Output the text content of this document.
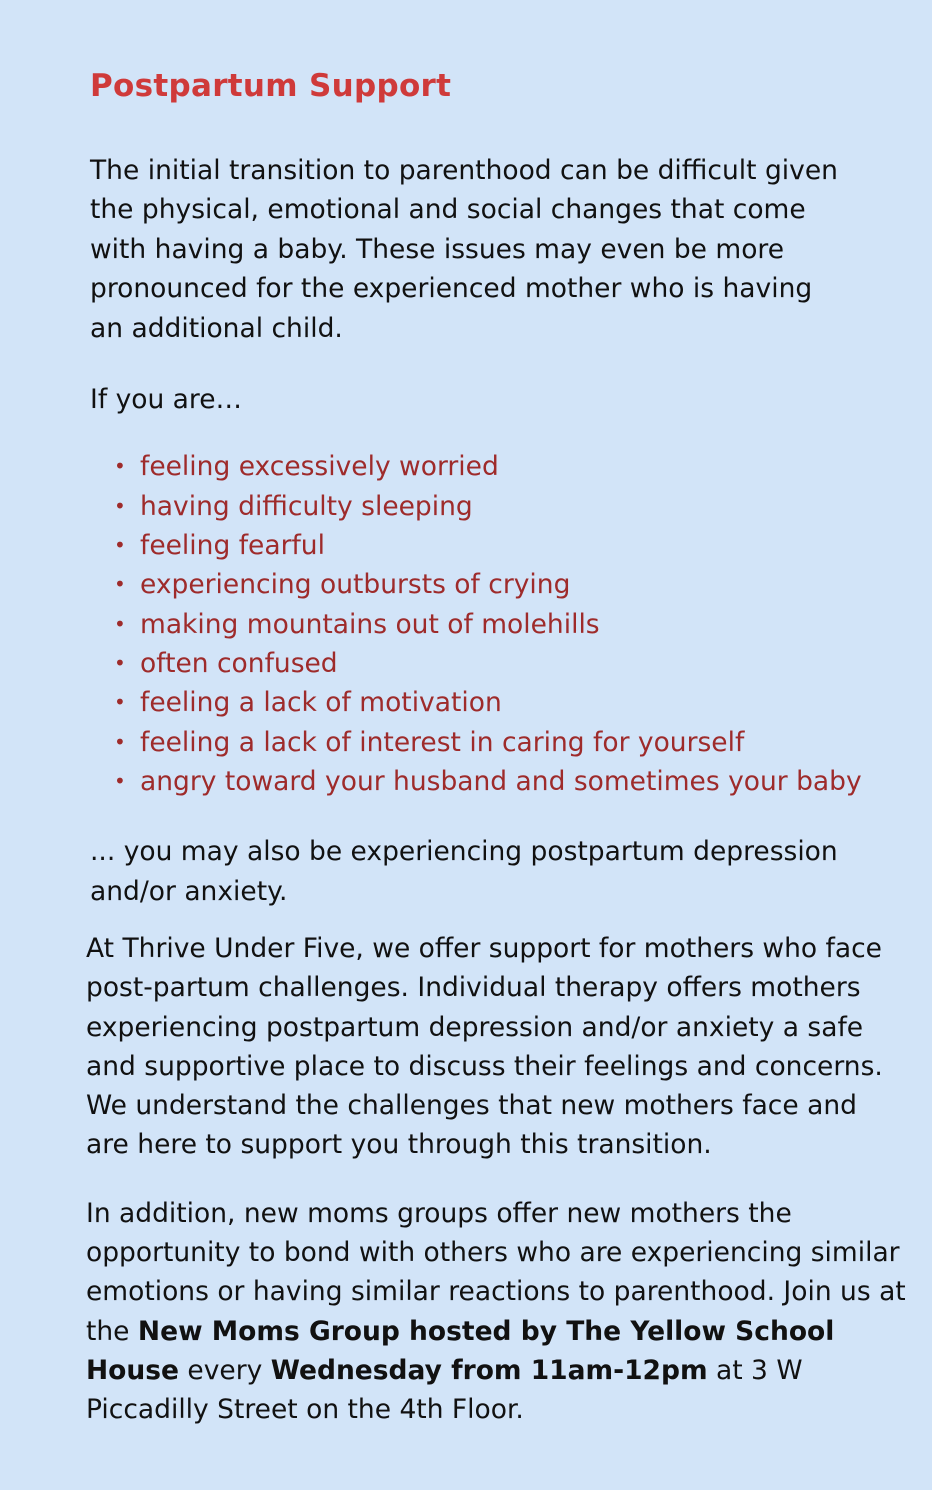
Postpartum Support

The initial transition to parenthood can be difficult given the physical, emotional and social changes that come with having a baby. These issues may even be more pronounced for the experienced mother who is having an additional child.

If you are…

• feeling excessively worried
• having difficulty sleeping
• feeling fearful
• experiencing outbursts of crying
• making mountains out of molehills
• often confused
• feeling a lack of motivation
• feeling a lack of interest in caring for yourself
• angry toward your husband and sometimes your baby

... you may also be experiencing postpartum depression and/or anxiety.

At Thrive Under Five, we offer support for mothers who face post-partum challenges. Individual therapy offers mothers experiencing postpartum depression and/or anxiety a safe and supportive place to discuss their feelings and concerns. We understand the challenges that new mothers face and are here to support you through this transition.

In addition, new moms groups offer new mothers the opportunity to bond with others who are experiencing similar emotions or having similar reactions to parenthood. Join us at the New Moms Group hosted by The Yellow School House every Wednesday from 11am-12pm at 3 W Piccadilly Street on the 4th Floor.
